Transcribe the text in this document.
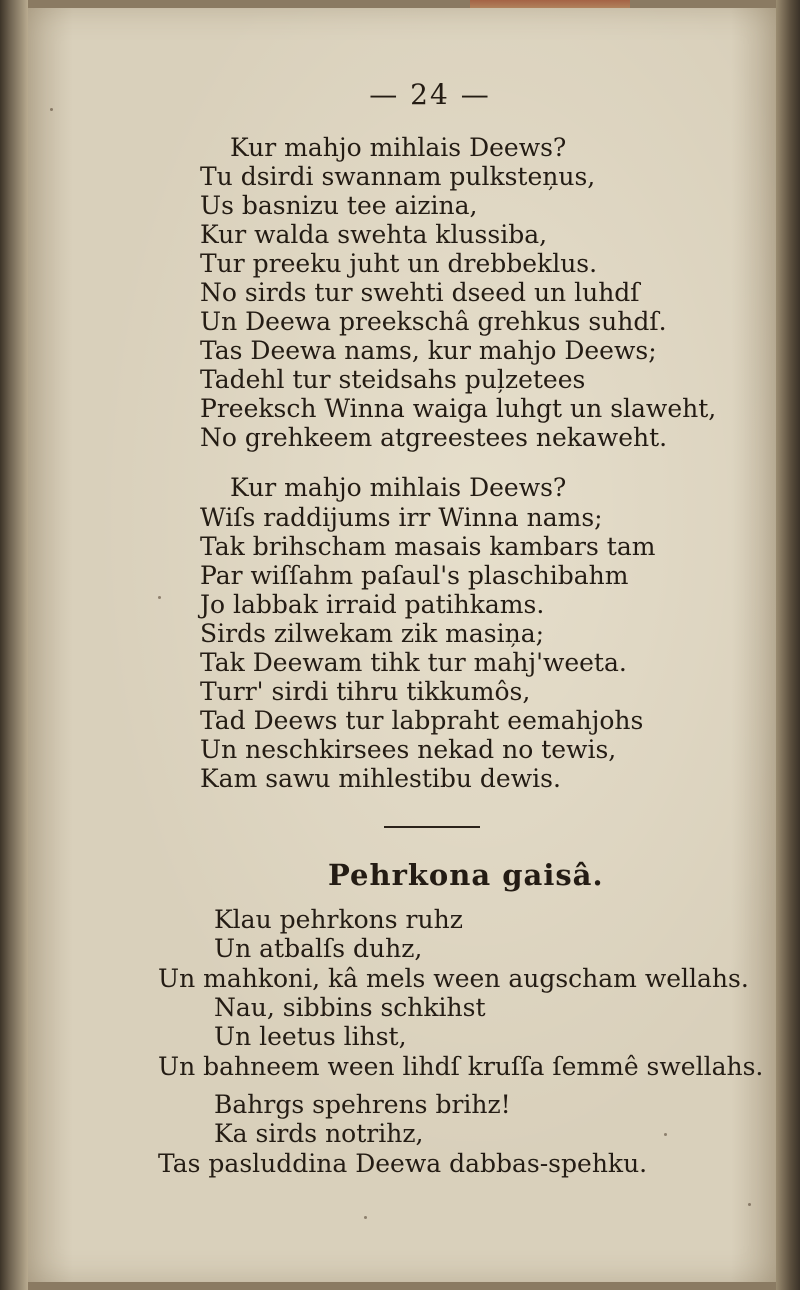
— 24 —
Kur mahjo mihlais Deews?
Tu dsirdi swannam pulksteņus,
Us basnizu tee aizina,
Kur walda swehta klussiba,
Tur preeku juht un drebbeklus.
No sirds tur swehti dseed un luhdſ
Un Deewa preekschâ grehkus suhdſ.
Tas Deewa nams, kur mahjo Deews;
Tadehl tur steidsahs puļzetees
Preeksch Winna waiga luhgt un slaweht,
No grehkeem atgreestees nekaweht.
Kur mahjo mihlais Deews?
Wiſs raddijums irr Winna nams;
Tak brihscham masais kambars tam
Par wiſſahm paſaul's plaschibahm
Jo labbak irraid patihkams.
Sirds zilwekam zik masiņa;
Tak Deewam tihk tur mahj'weeta.
Turr' sirdi tihru tikkumôs,
Tad Deews tur labpraht eemahjohs
Un neschkirsees nekad no tewis,
Kam sawu mihlestibu dewis.
Pehrkona gaisâ.
Klau pehrkons ruhz
Un atbalſs duhz,
Un mahkoni, kâ mels ween augscham wellahs.
Nau, sibbins schkihst
Un leetus lihst,
Un bahneem ween lihdſ kruſſa ſemmê swellahs.
Bahrgs spehrens brihz!
Ka sirds notrihz,
Tas pasluddina Deewa dabbas-spehku.
